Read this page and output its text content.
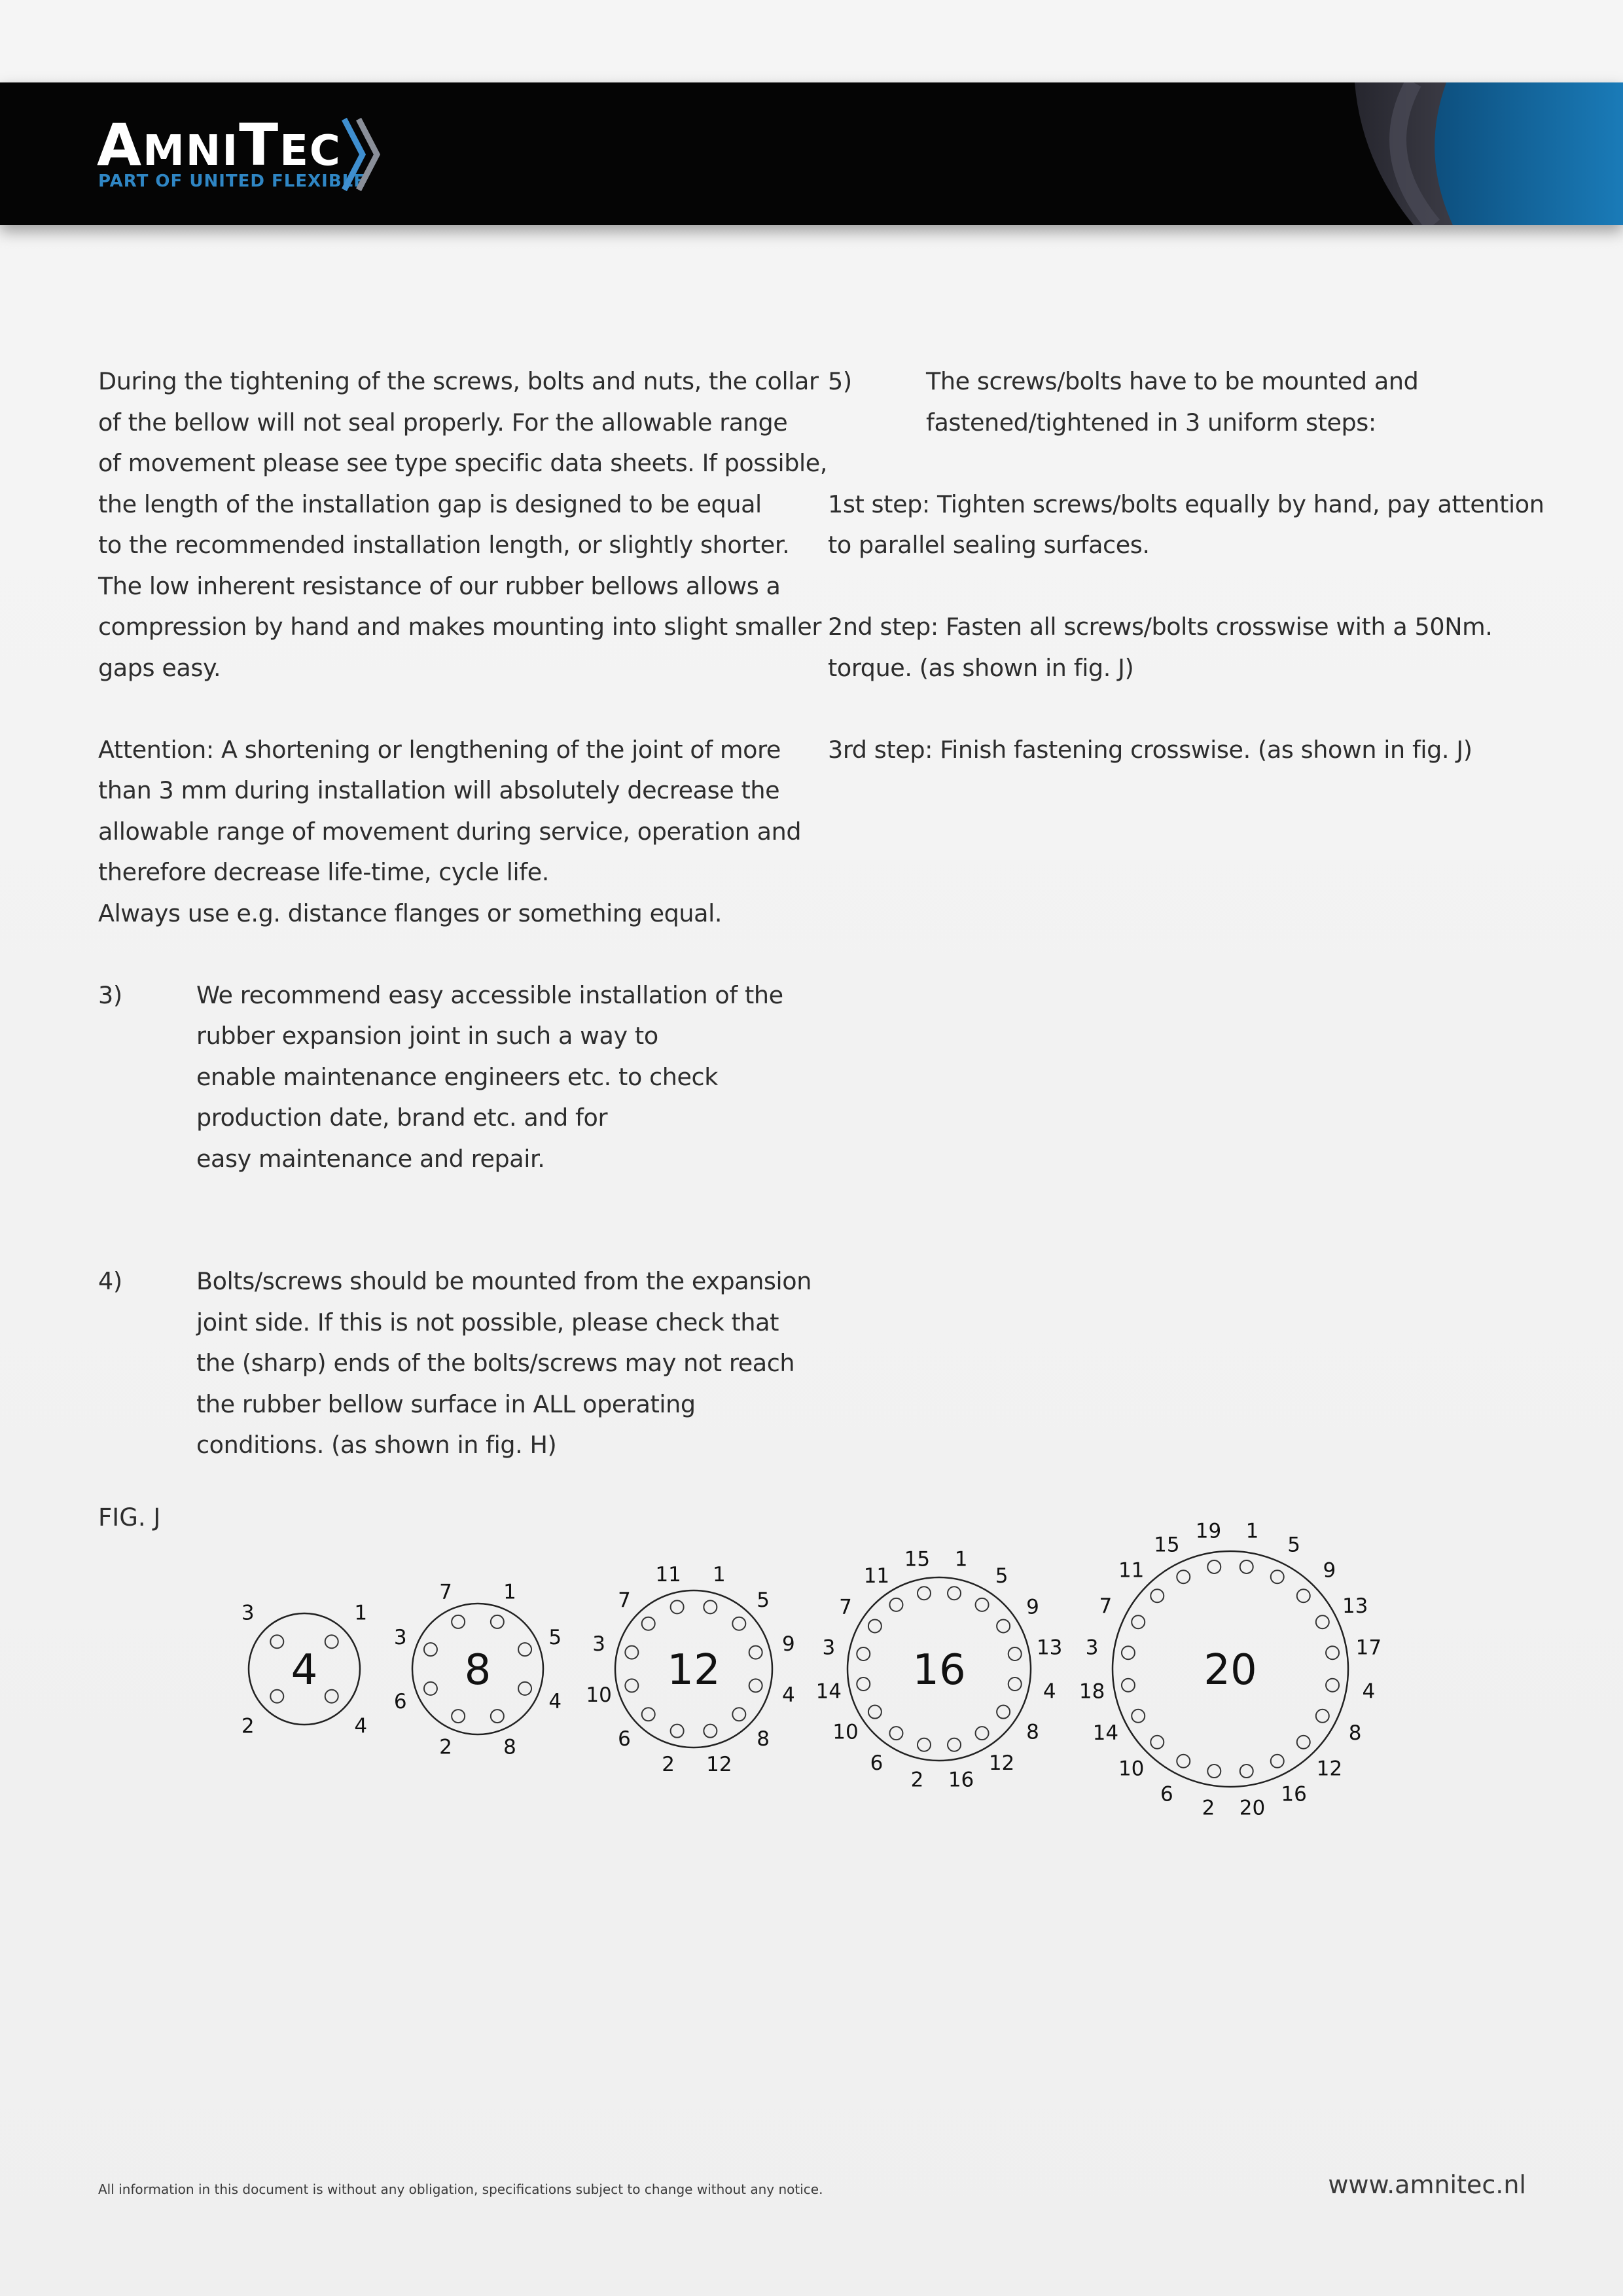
AMNITEC
PART OF UNITED FLEXIBLE
During the tightening of the screws, bolts and nuts, the collar
of the bellow will not seal properly. For the allowable range
of movement please see type specific data sheets. If possible,
the length of the installation gap is designed to be equal
to the recommended installation length, or slightly shorter.
The low inherent resistance of our rubber bellows allows a
compression by hand and makes mounting into slight smaller
gaps easy.
Attention: A shortening or lengthening of the joint of more
than 3 mm during installation will absolutely decrease the
allowable range of movement during service, operation and
therefore decrease life-time, cycle life.
Always use e.g. distance flanges or something equal.
3)	We recommend easy accessible installation of the
rubber expansion joint in such a way to
enable maintenance engineers etc. to check
production date, brand etc. and for
easy maintenance and repair.
4)	Bolts/screws should be mounted from the expansion
joint side. If this is not possible, please check that
the (sharp) ends of the bolts/screws may not reach
the rubber bellow surface in ALL operating
conditions. (as shown in fig. H)
5)	The screws/bolts have to be mounted and
fastened/tightened in 3 uniform steps:
1st step: Tighten screws/bolts equally by hand, pay attention
to parallel sealing surfaces.
2nd step: Fasten all screws/bolts crosswise with a 50Nm.
torque. (as shown in fig. J)
3rd step: Finish fastening crosswise. (as shown in fig. J)
FIG. J
4
1
4
2
3
8
1
5
4
8
2
6
3
7
12
1
5
9
4
8
12
2
6
10
3
7
11
16
1
5
9
13
4
8
12
16
2
6
10
14
3
7
11
15
20
1
5
9
13
17
4
8
12
16
20
2
6
10
14
18
3
7
11
15
19
All information in this document is without any obligation, specifications subject to change without any notice.	www.amnitec.nl
